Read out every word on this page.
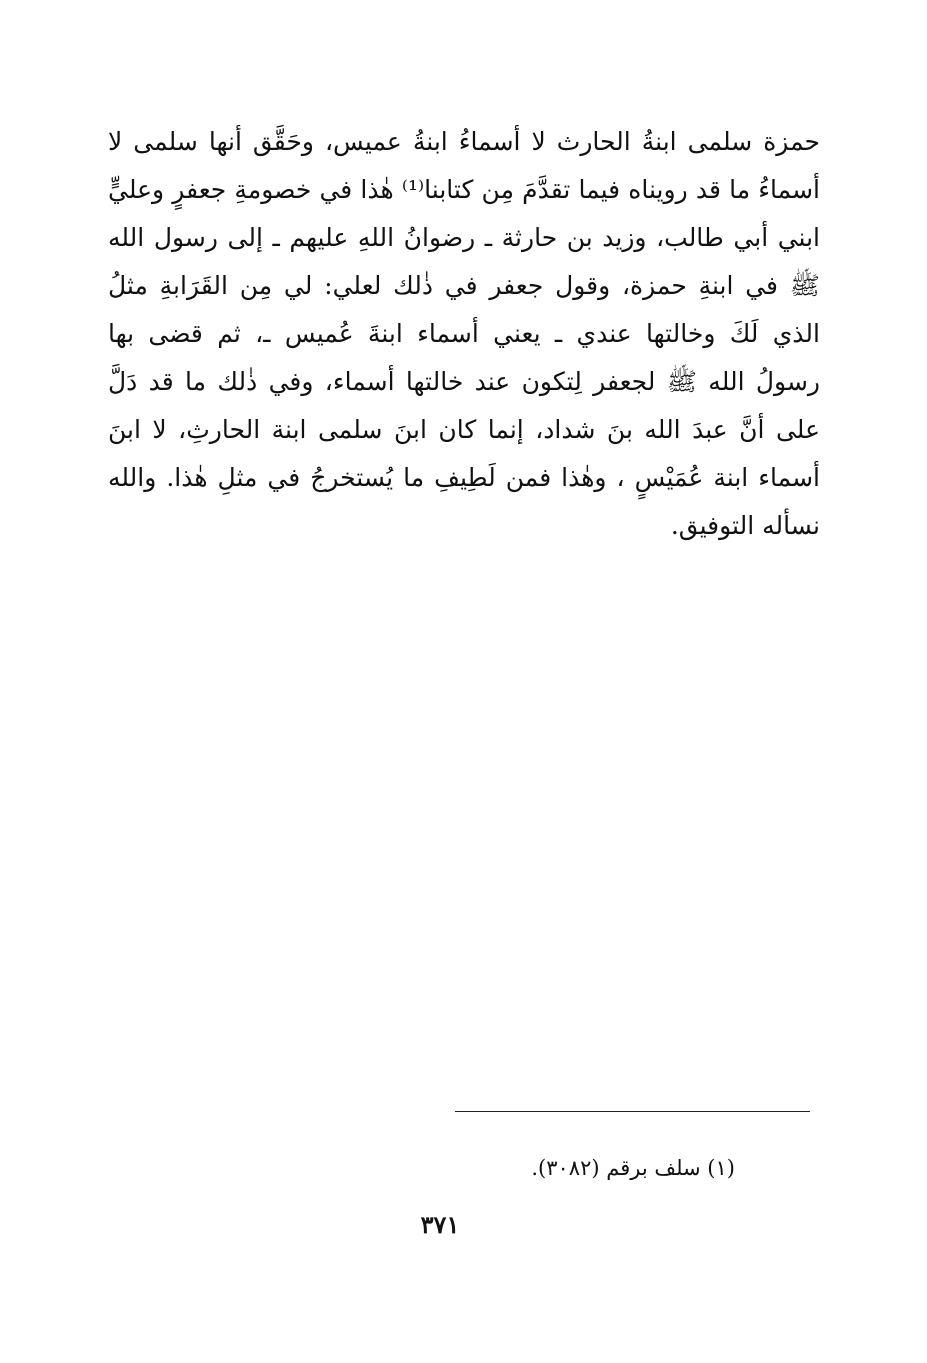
حمزة سلمى ابنةُ الحارث لا أسماءُ ابنةُ عميس، وحَقَّق أنها سلمى لا
أسماءُ ما قد رويناه فيما تقدَّمَ مِن كتابنا⁽¹⁾ هٰذا في خصومةِ جعفرٍ وعليٍّ
ابني أبي طالب، وزيد بن حارثة ـ رضوانُ اللهِ عليهم ـ إلى رسول الله
ﷺ في ابنةِ حمزة، وقول جعفر في ذٰلك لعلي: لي مِن القَرَابةِ مثلُ
الذي لَكَ وخالتها عندي ـ يعني أسماء ابنةَ عُميس ـ، ثم قضى بها
رسولُ الله ﷺ لجعفر لِتكون عند خالتها أسماء، وفي ذٰلك ما قد دَلَّ
على أنَّ عبدَ الله بنَ شداد، إنما كان ابنَ سلمى ابنة الحارثِ، لا ابنَ
أسماء ابنة عُمَيْسٍ ، وهٰذا فمن لَطِيفِ ما يُستخرجُ في مثلِ هٰذا. والله
نسأله التوفيق.
(١) سلف برقم (٣٠٨٢).
٣٧١
